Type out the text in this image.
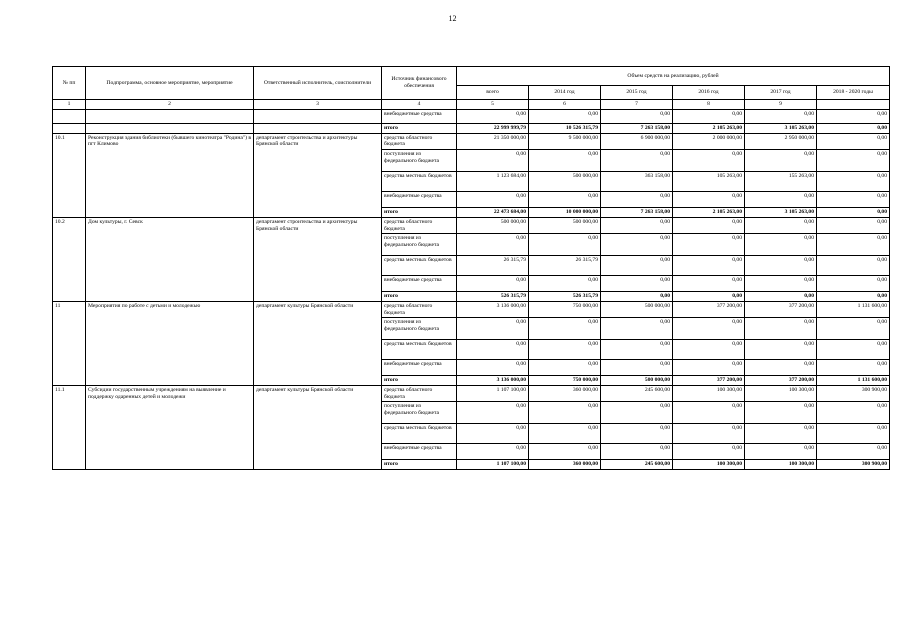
12
№ пп	Подпрограмма, основное мероприятие, мероприятие	Ответственный исполнитель, соисполнители	Источник финансового обеспечения	Объем средств на реализацию, рублей					
				всего	2014 год	2015 год	2016 год	2017 год	2018 - 2020 годы
1	2	3	4	5	6	7	8	9	
			внебюджетные средства	0,00	0,00	0,00	0,00	0,00	0,00
			итого	22 999 999,79	10 526 315,79	7 263 158,00	2 105 263,00	3 105 263,00	0,00
10.1	Реконструкция здания библиотеки (бывшего кинотеатра "Родина") в пгт Климово	департамент строительства и архитектуры Брянской области	средства областного бюджета	21 350 000,00	9 500 000,00	6 900 000,00	2 000 000,00	2 950 000,00	0,00
			поступления из федерального бюджета	0,00	0,00	0,00	0,00	0,00	0,00
			средства местных бюджетов	1 123 684,00	500 000,00	363 158,00	105 263,00	155 263,00	0,00
			внебюджетные средства	0,00	0,00	0,00	0,00	0,00	0,00
			итого	22 473 684,00	10 000 000,00	7 263 158,00	2 105 263,00	3 105 263,00	0,00
10.2	Дом культуры, г. Севск	департамент строительства и архитектуры Брянской области	средства областного бюджета	500 000,00	500 000,00	0,00	0,00	0,00	0,00
			поступления из федерального бюджета	0,00	0,00	0,00	0,00	0,00	0,00
			средства местных бюджетов	26 315,79	26 315,79	0,00	0,00	0,00	0,00
			внебюджетные средства	0,00	0,00	0,00	0,00	0,00	0,00
			итого	526 315,79	526 315,79	0,00	0,00	0,00	0,00
11	Мероприятия по работе с детьми и молодежью	департамент культуры Брянской области	средства областного бюджета	3 136 000,00	750 000,00	500 000,00	377 200,00	377 200,00	1 131 600,00
			поступления из федерального бюджета	0,00	0,00	0,00	0,00	0,00	0,00
			средства местных бюджетов	0,00	0,00	0,00	0,00	0,00	0,00
			внебюджетные средства	0,00	0,00	0,00	0,00	0,00	0,00
			итого	3 136 000,00	750 000,00	500 000,00	377 200,00	377 200,00	1 131 600,00
11.1	Субсидии государственным учреждениям на выявление и поддержку одаренных детей и молодежи	департамент культуры Брянской области	средства областного бюджета	1 107 100,00	360 000,00	245 600,00	100 300,00	100 300,00	300 900,00
			поступления из федерального бюджета	0,00	0,00	0,00	0,00	0,00	0,00
			средства местных бюджетов	0,00	0,00	0,00	0,00	0,00	0,00
			внебюджетные средства	0,00	0,00	0,00	0,00	0,00	0,00
			итого	1 107 100,00	360 000,00	245 600,00	100 300,00	100 300,00	300 900,00
